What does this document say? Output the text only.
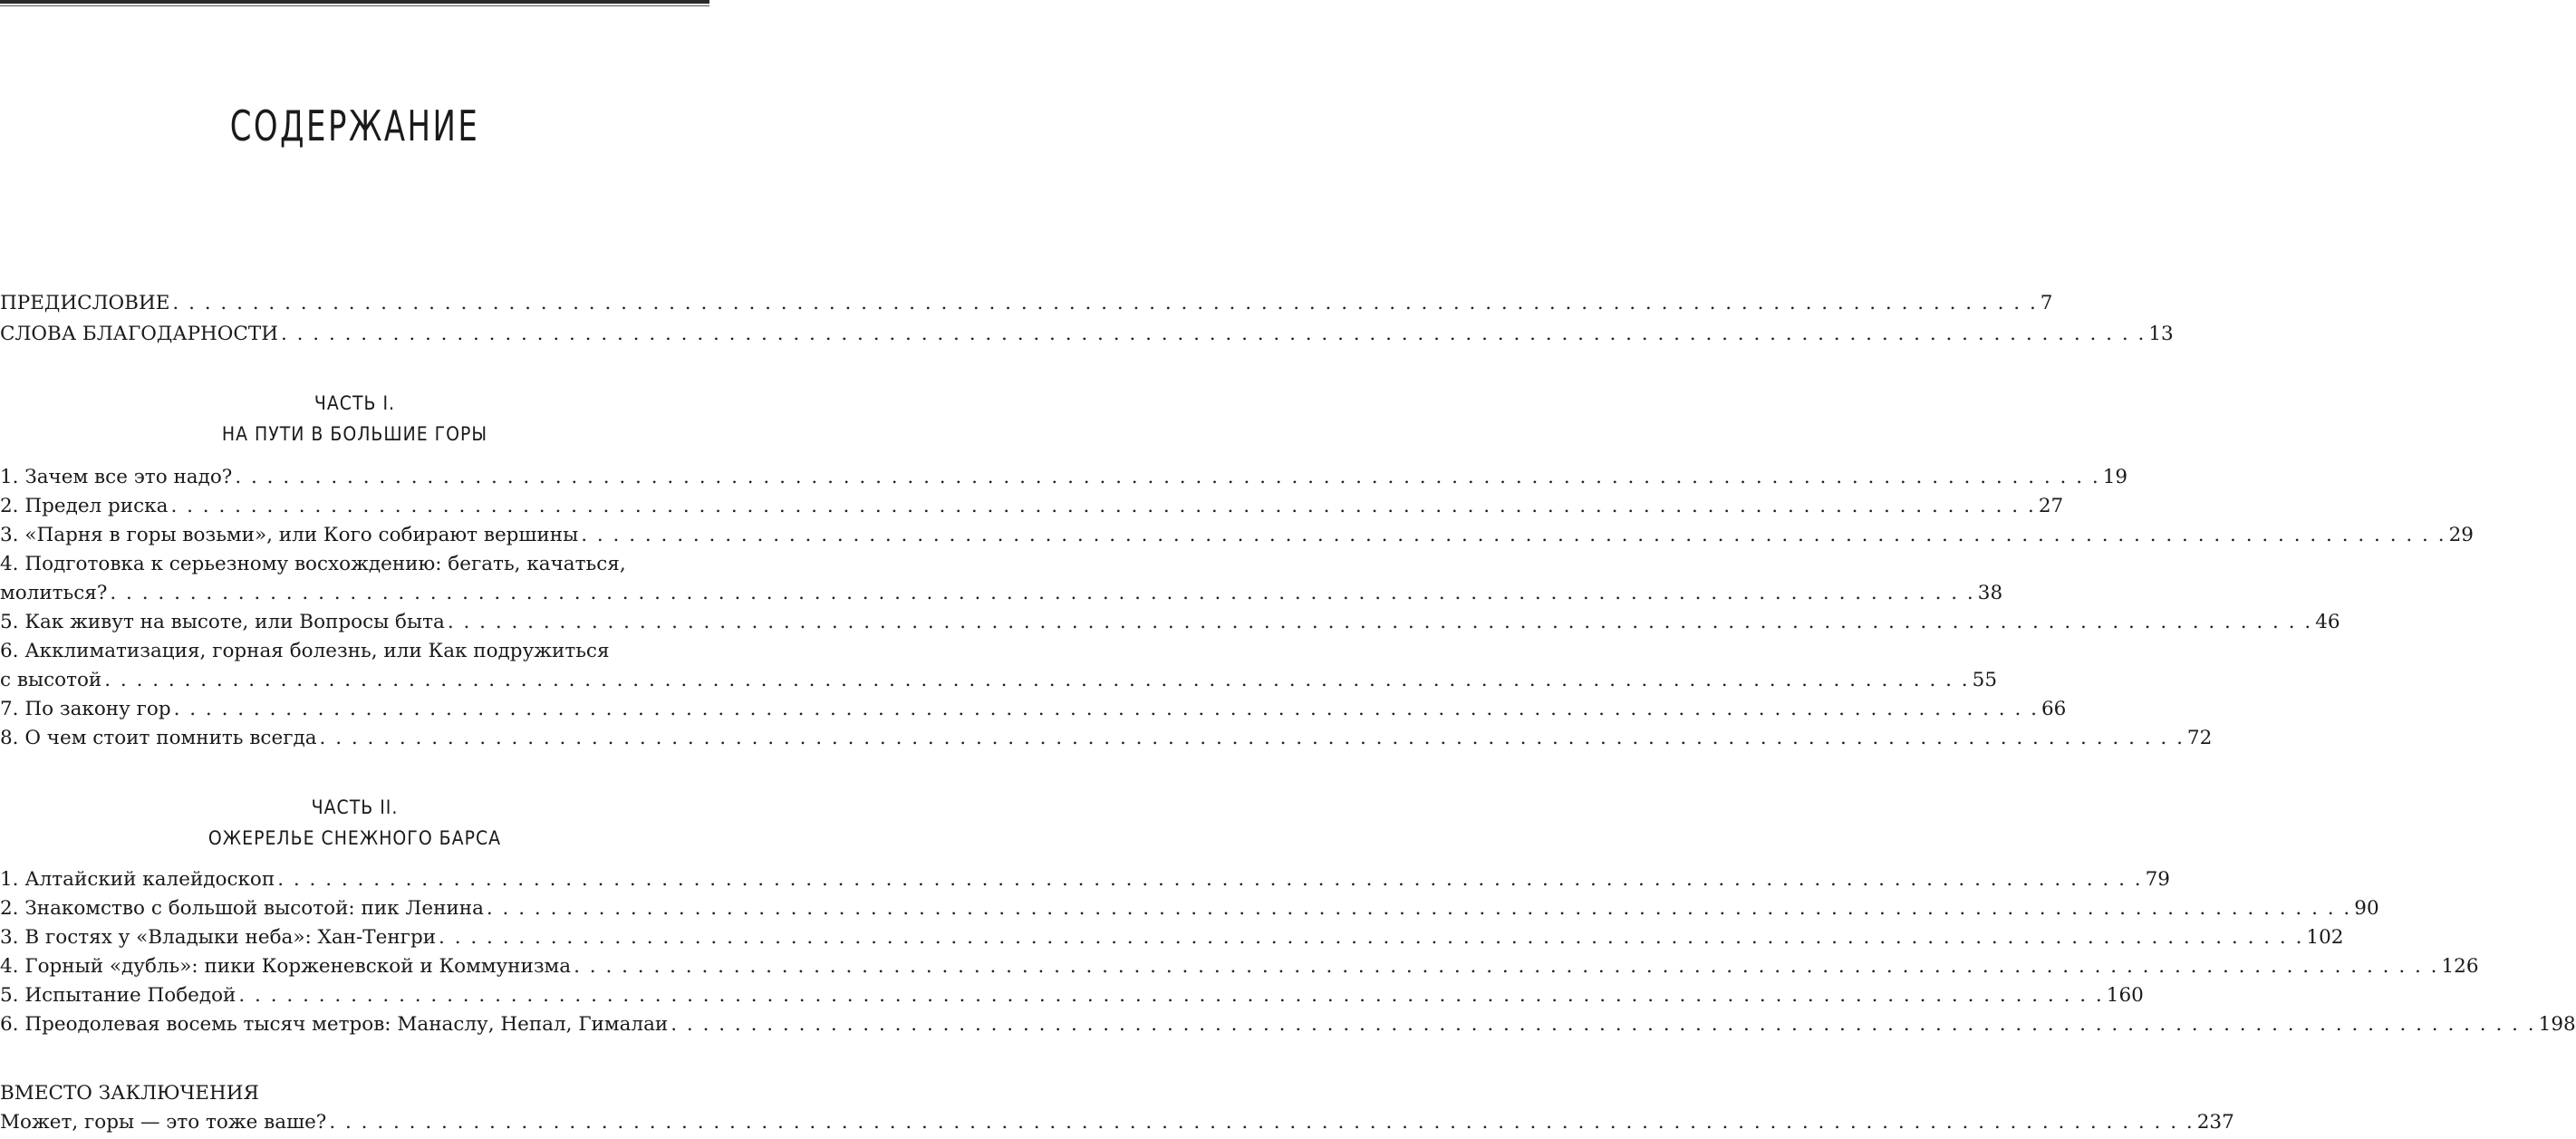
СОДЕРЖАНИЕ
ПРЕДИСЛОВИЕ . . .	7
СЛОВА БЛАГОДАРНОСТИ . . .	13
ЧАСТЬ I.
НА ПУТИ В БОЛЬШИЕ ГОРЫ
1. Зачем все это надо? . . .	19
2. Предел риска . . .	27
3. «Парня в горы возьми», или Кого собирают вершины . . .	29
4. Подготовка к серьезному восхождению: бегать, качаться,
молиться? . . .	38
5. Как живут на высоте, или Вопросы быта . . .	46
6. Акклиматизация, горная болезнь, или Как подружиться
с высотой . . .	55
7. По закону гор . . .	66
8. О чем стоит помнить всегда . . .	72
ЧАСТЬ II.
ОЖЕРЕЛЬЕ СНЕЖНОГО БАРСА
1. Алтайский калейдоскоп . . .	79
2. Знакомство с большой высотой: пик Ленина . . .	90
3. В гостях у «Владыки неба»: Хан-Тенгри . . .	102
4. Горный «дубль»: пики Корженевской и Коммунизма . . .	126
5. Испытание Победой . . .	160
6. Преодолевая восемь тысяч метров: Манаслу, Непал, Гималаи . . .	198
ВМЕСТО ЗАКЛЮЧЕНИЯ
Может, горы — это тоже ваше? . . .	237
